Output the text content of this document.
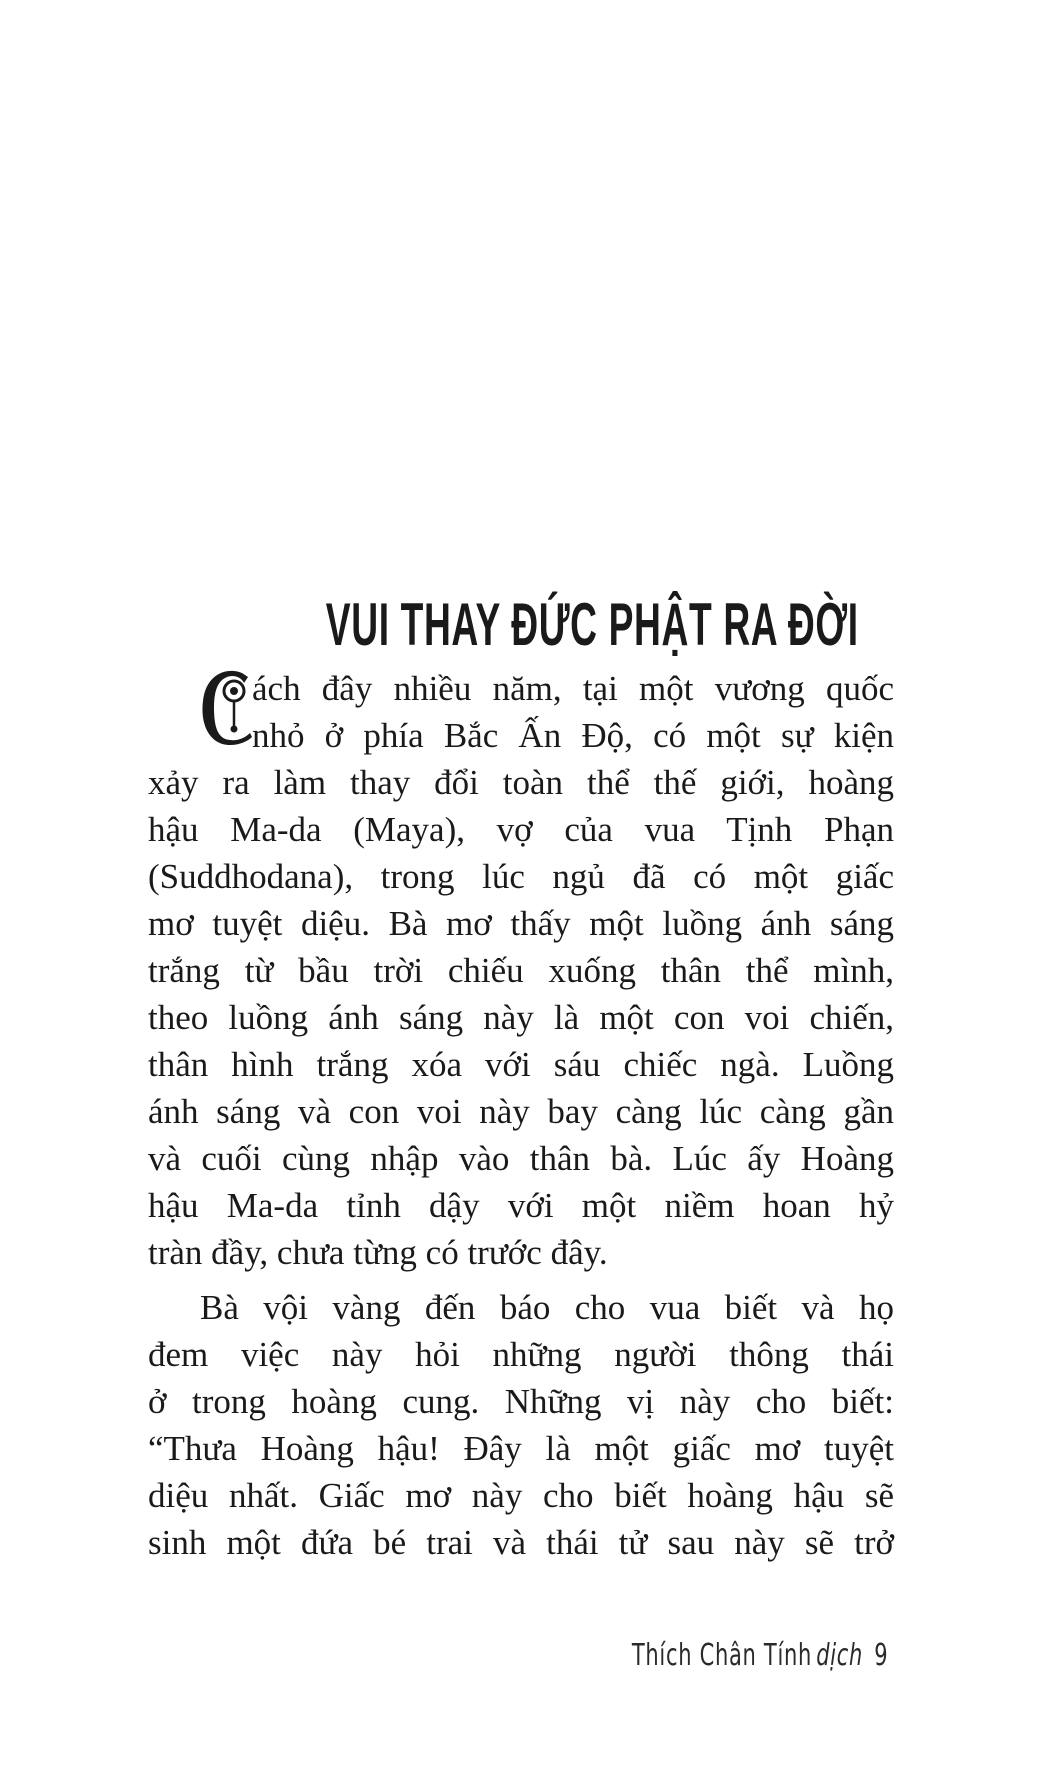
VUI THAY ĐỨC PHẬT RA ĐỜI
ách đây nhiều năm, tại một vương quốc
nhỏ ở phía Bắc Ấn Độ, có một sự kiện
xảy ra làm thay đổi toàn thể thế giới, hoàng
hậu Ma-da (Maya), vợ của vua Tịnh Phạn
(Suddhodana), trong lúc ngủ đã có một giấc
mơ tuyệt diệu. Bà mơ thấy một luồng ánh sáng
trắng từ bầu trời chiếu xuống thân thể mình,
theo luồng ánh sáng này là một con voi chiến,
thân hình trắng xóa với sáu chiếc ngà. Luồng
ánh sáng và con voi này bay càng lúc càng gần
và cuối cùng nhập vào thân bà. Lúc ấy Hoàng
hậu Ma-da tỉnh dậy với một niềm hoan hỷ
tràn đầy, chưa từng có trước đây.
Bà vội vàng đến báo cho vua biết và họ
đem việc này hỏi những người thông thái
ở trong hoàng cung. Những vị này cho biết:
“Thưa Hoàng hậu! Đây là một giấc mơ tuyệt
diệu nhất. Giấc mơ này cho biết hoàng hậu sẽ
sinh một đứa bé trai và thái tử sau này sẽ trở
Thích Chân Tính dịch 9
